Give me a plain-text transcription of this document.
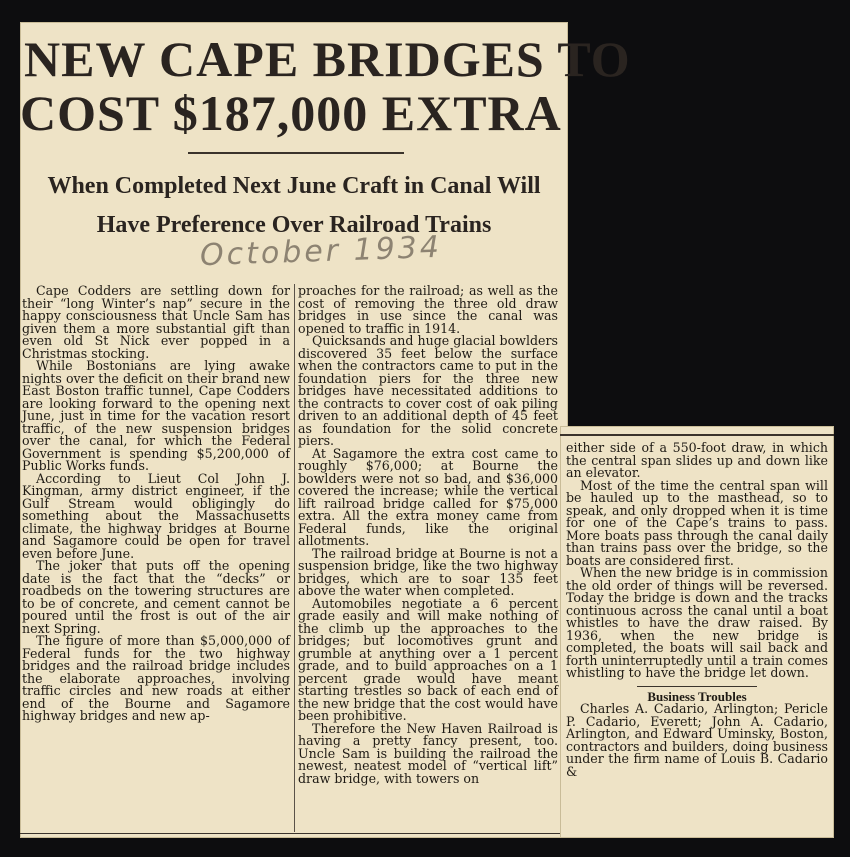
NEW CAPE BRIDGES TO
COST $187,000 EXTRA
When Completed Next June Craft in Canal Will
Have Preference Over Railroad Trains
October 1934

Cape Codders are settling down for their “long Winter’s nap” secure in the happy consciousness that Uncle Sam has given them a more substantial gift than even old St Nick ever popped in a Christmas stocking.

While Bostonians are lying awake nights over the deficit on their brand new East Boston traffic tunnel, Cape Codders are looking forward to the opening next June, just in time for the vacation resort traffic, of the new suspension bridges over the canal, for which the Federal Government is spending $5,200,000 of Public Works funds.

According to Lieut Col John J. Kingman, army district engineer, if the Gulf Stream would obligingly do something about the Massachusetts climate, the highway bridges at Bourne and Sagamore could be open for travel even before June.

The joker that puts off the opening date is the fact that the “decks” or roadbeds on the towering structures are to be of concrete, and cement cannot be poured until the frost is out of the air next Spring.

The figure of more than $5,000,000 of Federal funds for the two highway bridges and the railroad bridge includes the elaborate approaches, involving traffic circles and new roads at either end of the Bourne and Sagamore highway bridges and new ap-

proaches for the railroad; as well as the cost of removing the three old draw bridges in use since the canal was opened to traffic in 1914.

Quicksands and huge glacial bowlders discovered 35 feet below the surface when the contractors came to put in the foundation piers for the three new bridges have necessitated additions to the contracts to cover cost of oak piling driven to an additional depth of 45 feet as foundation for the solid concrete piers.

At Sagamore the extra cost came to roughly $76,000; at Bourne the bowlders were not so bad, and $36,000 covered the increase; while the vertical lift railroad bridge called for $75,000 extra. All the extra money came from Federal funds, like the original allotments.

The railroad bridge at Bourne is not a suspension bridge, like the two highway bridges, which are to soar 135 feet above the water when completed.

Automobiles negotiate a 6 percent grade easily and will make nothing of the climb up the approaches to the bridges; but locomotives grunt and grumble at anything over a 1 percent grade, and to build approaches on a 1 percent grade would have meant starting trestles so back of each end of the new bridge that the cost would have been prohibitive.

Therefore the New Haven Railroad is having a pretty fancy present, too. Uncle Sam is building the railroad the newest, neatest model of “vertical lift” draw bridge, with towers on

either side of a 550-foot draw, in which the central span slides up and down like an elevator.

Most of the time the central span will be hauled up to the masthead, so to speak, and only dropped when it is time for one of the Cape’s trains to pass. More boats pass through the canal daily than trains pass over the bridge, so the boats are considered first.

When the new bridge is in commission the old order of things will be reversed. Today the bridge is down and the tracks continuous across the canal until a boat whistles to have the draw raised. By 1936, when the new bridge is completed, the boats will sail back and forth uninterruptedly until a train comes whistling to have the bridge let down.

Business Troubles

Charles A. Cadario, Arlington; Pericle P. Cadario, Everett; John A. Cadario, Arlington, and Edward Uminsky, Boston, contractors and builders, doing business under the firm name of Louis B. Cadario &
